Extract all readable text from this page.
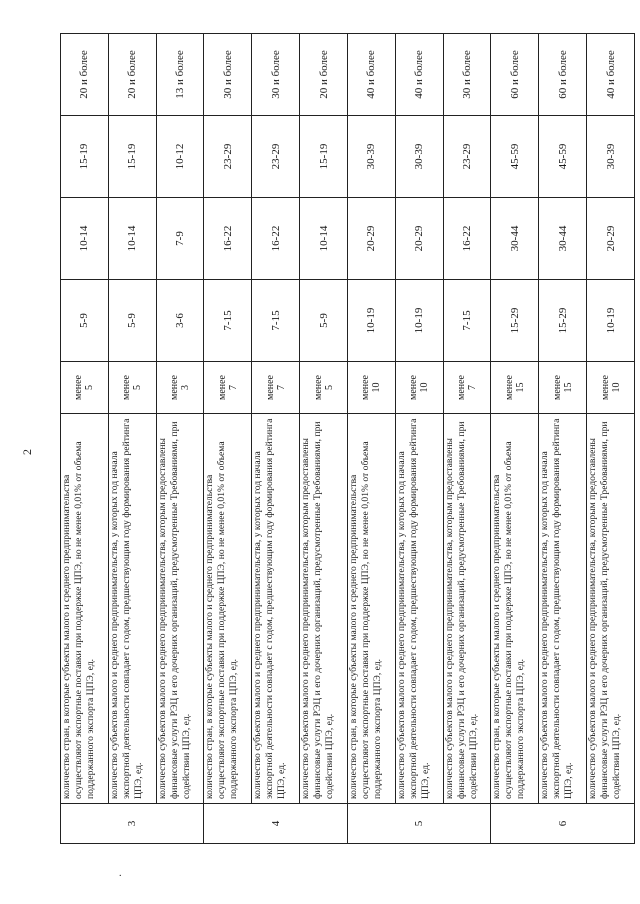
2
.
3	количество стран, в которые субъекты малого и среднего предпринимательства осуществляют экспортные поставки при поддержке ЦПЭ, но не менее 0,01% от объема поддержанного экспорта ЦПЭ, ед.	менее 5	5-9	10-14	15-19	20 и более
	количество субъектов малого и среднего предпринимательства, у которых год начала экспортной деятельности совпадает с годом, предшествующим году формирования рейтинга ЦПЭ, ед.	менее 5	5-9	10-14	15-19	20 и более
	количество субъектов малого и среднего предпринимательства, которым предоставлены финансовые услуги РЭЦ и его дочерних организаций, предусмотренные Требованиями, при содействии ЦПЭ, ед.	менее 3	3-6	7-9	10-12	13 и более
4	количество стран, в которые субъекты малого и среднего предпринимательства осуществляют экспортные поставки при поддержке ЦПЭ, но не менее 0,01% от объема поддержанного экспорта ЦПЭ, ед.	менее 7	7-15	16-22	23-29	30 и более
	количество субъектов малого и среднего предпринимательства, у которых год начала экспортной деятельности совпадает с годом, предшествующим году формирования рейтинга ЦПЭ, ед.	менее 7	7-15	16-22	23-29	30 и более
	количество субъектов малого и среднего предпринимательства, которым предоставлены финансовые услуги РЭЦ и его дочерних организаций, предусмотренные Требованиями, при содействии ЦПЭ, ед.	менее 5	5-9	10-14	15-19	20 и более
5	количество стран, в которые субъекты малого и среднего предпринимательства осуществляют экспортные поставки при поддержке ЦПЭ, но не менее 0,01% от объема поддержанного экспорта ЦПЭ, ед.	менее 10	10-19	20-29	30-39	40 и более
	количество субъектов малого и среднего предпринимательства, у которых год начала экспортной деятельности совпадает с годом, предшествующим году формирования рейтинга ЦПЭ, ед.	менее 10	10-19	20-29	30-39	40 и более
	количество субъектов малого и среднего предпринимательства, которым предоставлены финансовые услуги РЭЦ и его дочерних организаций, предусмотренные Требованиями, при содействии ЦПЭ, ед.	менее 7	7-15	16-22	23-29	30 и более
6	количество стран, в которые субъекты малого и среднего предпринимательства осуществляют экспортные поставки при поддержке ЦПЭ, но не менее 0,01% от объема поддержанного экспорта ЦПЭ, ед.	менее 15	15-29	30-44	45-59	60 и более
	количество субъектов малого и среднего предпринимательства, у которых год начала экспортной деятельности совпадает с годом, предшествующим году формирования рейтинга ЦПЭ, ед.	менее 15	15-29	30-44	45-59	60 и более
	количество субъектов малого и среднего предпринимательства, которым предоставлены финансовые услуги РЭЦ и его дочерних организаций, предусмотренные Требованиями, при содействии ЦПЭ, ед.	менее 10	10-19	20-29	30-39	40 и более
